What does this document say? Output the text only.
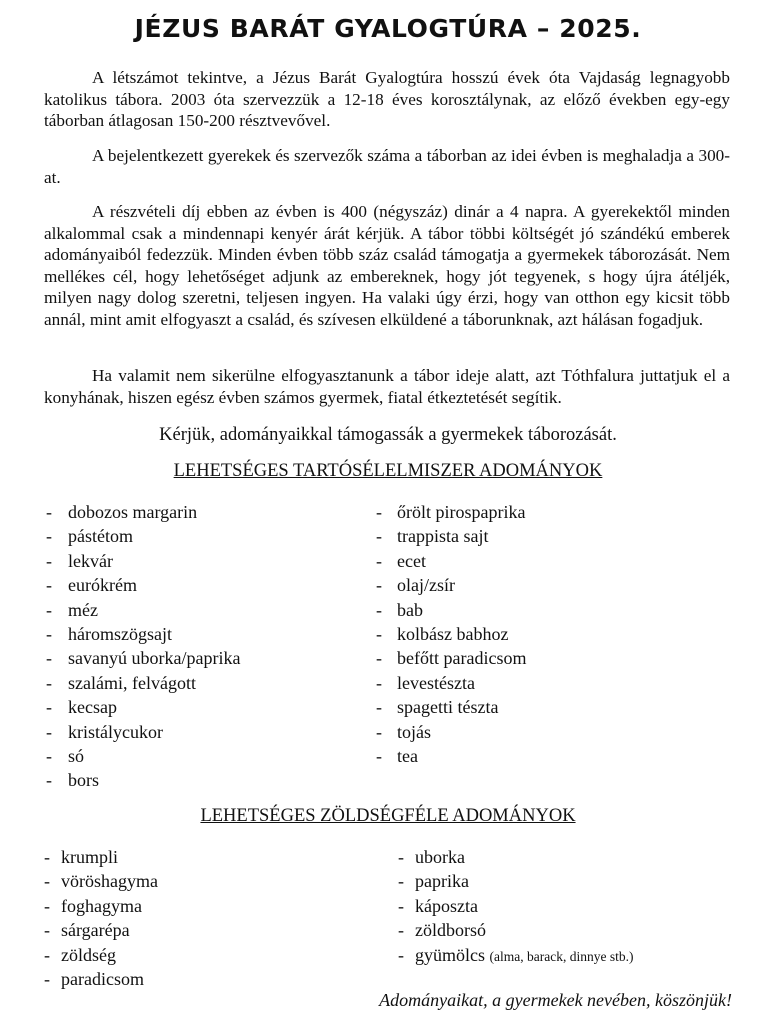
JÉZUS BARÁT GYALOGTÚRA – 2025.

A létszámot tekintve, a Jézus Barát Gyalogtúra hosszú évek óta Vajdaság legnagyobb katolikus tábora. 2003 óta szervezzük a 12-18 éves korosztálynak, az előző években egy-egy táborban átlagosan 150-200 résztvevővel.

A bejelentkezett gyerekek és szervezők száma a táborban az idei évben is meghaladja a 300-at.

A részvételi díj ebben az évben is 400 (négyszáz) dinár a 4 napra. A gyerekektől minden alkalommal csak a mindennapi kenyér árát kérjük. A tábor többi költségét jó szándékú emberek adományaiból fedezzük. Minden évben több száz család támogatja a gyermekek táborozását. Nem mellékes cél, hogy lehetőséget adjunk az embereknek, hogy jót tegyenek, s hogy újra átéljék, milyen nagy dolog szeretni, teljesen ingyen. Ha valaki úgy érzi, hogy van otthon egy kicsit több annál, mint amit elfogyaszt a család, és szívesen elküldené a táborunknak, azt hálásan fogadjuk.

Ha valamit nem sikerülne elfogyasztanunk a tábor ideje alatt, azt Tóthfalura juttatjuk el a konyhának, hiszen egész évben számos gyermek, fiatal étkeztetését segítik.

Kérjük, adományaikkal támogassák a gyermekek táborozását.

LEHETSÉGES TARTÓSÉLELMISZER ADOMÁNYOK

- dobozos margarin
- pástétom
- lekvár
- eurókrém
- méz
- háromszögsajt
- savanyú uborka/paprika
- szalámi, felvágott
- kecsap
- kristálycukor
- só
- bors
- őrölt pirospaprika
- trappista sajt
- ecet
- olaj/zsír
- bab
- kolbász babhoz
- befőtt paradicsom
- levestészta
- spagetti tészta
- tojás
- tea

LEHETSÉGES ZÖLDSÉGFÉLE ADOMÁNYOK

- krumpli
- vöröshagyma
- foghagyma
- sárgarépa
- zöldség
- paradicsom
- uborka
- paprika
- káposzta
- zöldborsó
- gyümölcs (alma, barack, dinnye stb.)

Adományaikat, a gyermekek nevében, köszönjük!
